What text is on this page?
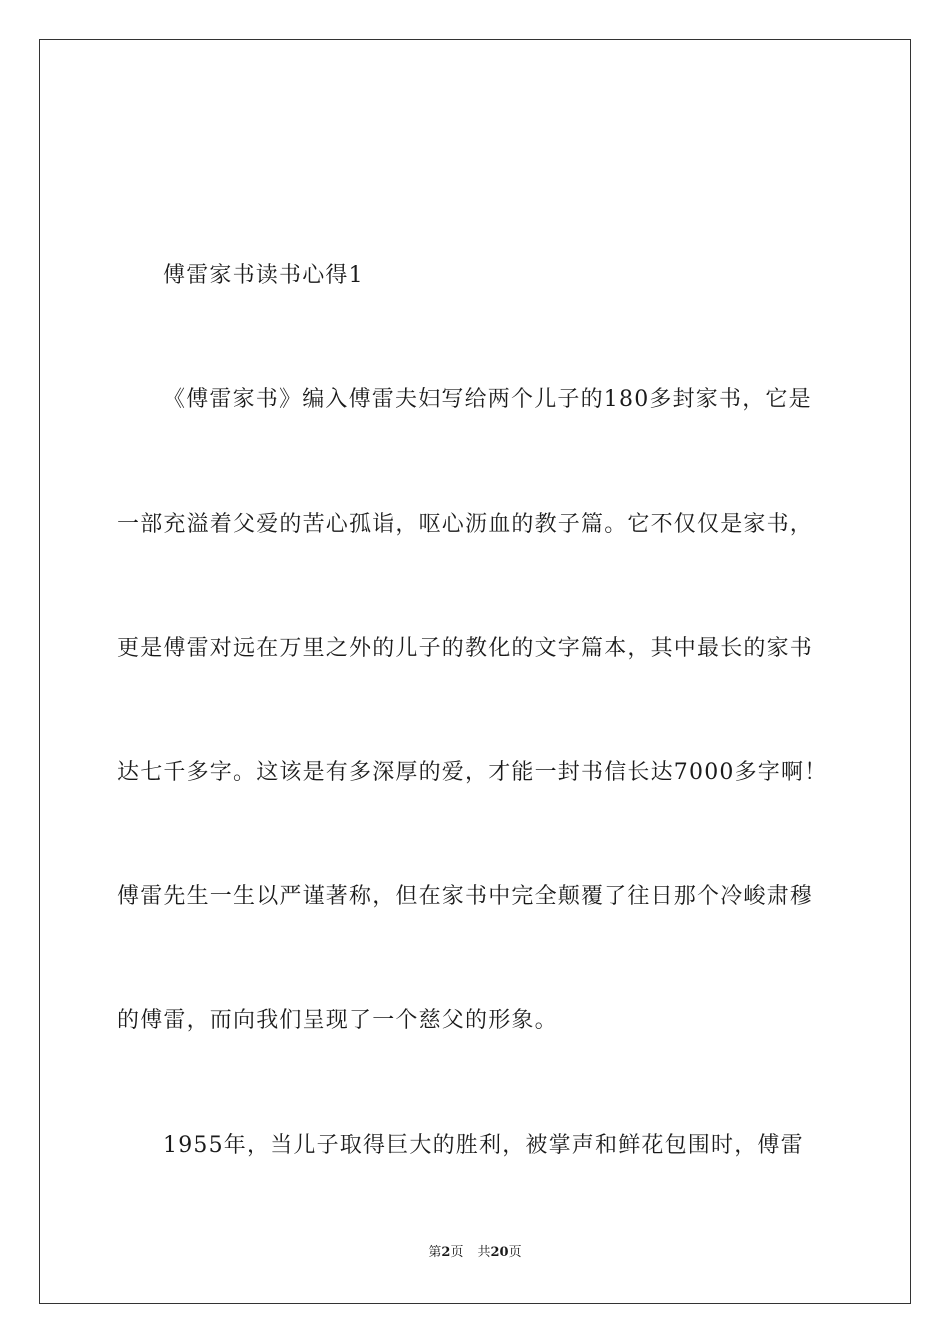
傅雷家书读书心得1
《傅雷家书》编入傅雷夫妇写给两个儿子的180多封家书，它是
一部充溢着父爱的苦心孤诣，呕心沥血的教子篇。它不仅仅是家书，
更是傅雷对远在万里之外的儿子的教化的文字篇本，其中最长的家书
达七千多字。这该是有多深厚的爱，才能一封书信长达7000多字啊！
傅雷先生一生以严谨著称，但在家书中完全颠覆了往日那个冷峻肃穆
的傅雷，而向我们呈现了一个慈父的形象。
1955年，当儿子取得巨大的胜利，被掌声和鲜花包围时，傅雷
第2页 共20页
